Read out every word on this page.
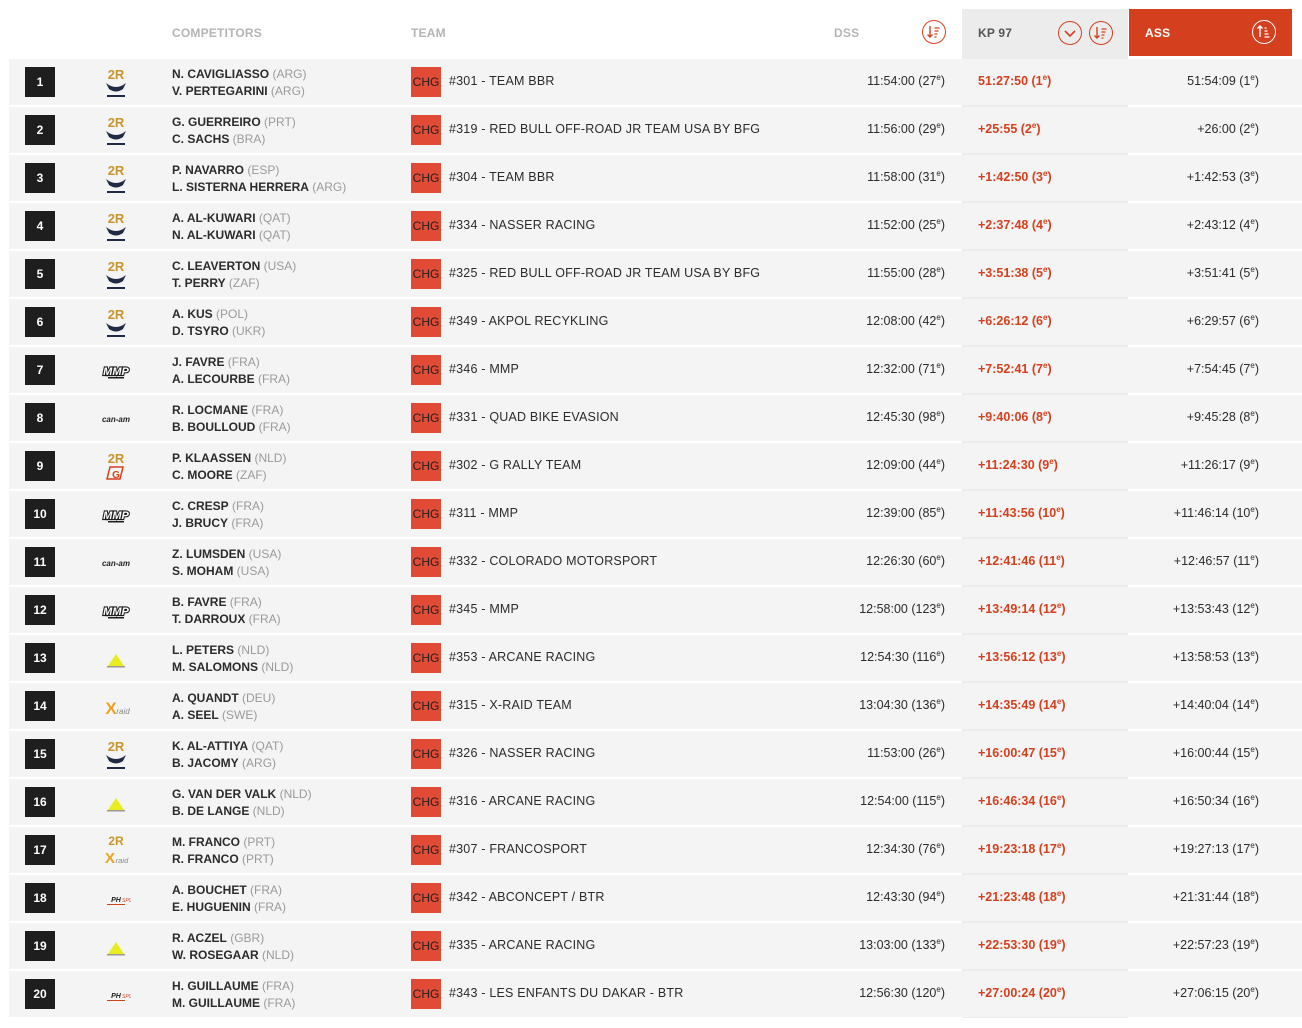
COMPETITORS	TEAM	DSS	KP 97	ASS
1
N. CAVIGLIASSO (ARG)
V. PERTEGARINI (ARG)
CHG #301 - TEAM BBR	11:54:00 (27e)	51:27:50 (1e)	51:54:09 (1e)
2
G. GUERREIRO (PRT)
C. SACHS (BRA)
CHG #319 - RED BULL OFF-ROAD JR TEAM USA BY BFG	11:56:00 $(29^e)$	+25:55 $(2^e)$	+26:00 (2e)
3
P. NAVARRO (ESP)
L. SISTERNA HERRERA (ARG)
CHG #304 - TEAM BBR	11:58:00 $(31^e)$	+1:42:50 $(3^e)$	+1:42:53 (3e)
4
A. AL-KUWARI (QAT)
N. AL-KUWARI (QAT)
CHG #334 - NASSER RACING	11:52:00 $(25^e)$	+2:37:48 $(4^e)$	+2:43:12 (4e)
5
C. LEAVERTON (USA)
T. PERRY (ZAF)
CHG #325 - RED BULL OFF-ROAD JR TEAM USA BY BFG	11:55:00 $(28^e)$	+3:51:38 $(5^e)$	+3:51:41 (5e)
6
A. KUS (POL)
D. TSYRO (UKR)
CHG #349 - AKPOL RECYKLING	12:08:00 $(42^e)$	+6:26:12 $(6^e)$	+6:29:57 (6e)
7
J. FAVRE (FRA)
A. LECOURBE (FRA)
CHG #346 - MMP	12:32:00 $(71^e)$	+7:52:41 $(7^e)$	+7:54:45 (7e)
8
R. LOCMANE (FRA)
B. BOULLOUD (FRA)
CHG #331 - QUAD BIKE EVASION	12:45:30 $(98^e)$	+9:40:06 $(8^e)$	+9:45:28 (8e)
9
P. KLAASSEN (NLD)
C. MOORE (ZAF)
CHG #302 - G RALLY TEAM	12:09:00 $(44^e)$	+11:24:30 $(9^e)$	+11:26:17 (9e)
10
C. CRESP (FRA)
J. BRUCY (FRA)
CHG #311 - MMP	12:39:00 $(85^e)$	+11:43:56 $(10^e)$	+11:46:14 (10e)
11
Z. LUMSDEN (USA)
S. MOHAM (USA)
CHG #332 - COLORADO MOTORSPORT	12:26:30 $(60^e)$	+12:41:46 $(11^e)$	+12:46:57 (11e)
12
B. FAVRE (FRA)
T. DARROUX (FRA)
CHG #345 - MMP	12:58:00 $(123^e)$	+13:49:14 $(12^e)$	+13:53:43 (12e)
13
L. PETERS (NLD)
M. SALOMONS (NLD)
CHG #353 - ARCANE RACING	12:54:30 $(116^e)$	+13:56:12 $(13^e)$	+13:58:53 (13e)
14
A. QUANDT (DEU)
A. SEEL (SWE)
CHG #315 - X-RAID TEAM	13:04:30 $(136^e)$	+14:35:49 $(14^e)$	+14:40:04 (14e)
15
K. AL-ATTIYA (QAT)
B. JACOMY (ARG)
CHG #326 - NASSER RACING	11:53:00 $(26^e)$	+16:00:47 $(15^e)$	+16:00:44 (15e)
16
G. VAN DER VALK (NLD)
B. DE LANGE (NLD)
CHG #316 - ARCANE RACING	12:54:00 $(115^e)$	+16:46:34 $(16^e)$	+16:50:34 (16e)
17
M. FRANCO (PRT)
R. FRANCO (PRT)
CHG #307 - FRANCOSPORT	12:34:30 $(76^e)$	+19:23:18 $(17^e)$	+19:27:13 (17e)
18
A. BOUCHET (FRA)
E. HUGUENIN (FRA)
CHG #342 - ABCONCEPT / BTR	12:43:30 $(94^e)$	+21:23:48 $(18^e)$	+21:31:44 (18e)
19
R. ACZEL (GBR)
W. ROSEGAAR (NLD)
CHG #335 - ARCANE RACING	13:03:00 $(133^e)$	+22:53:30 $(19^e)$	+22:57:23 (19e)
20
H. GUILLAUME (FRA)
M. GUILLAUME (FRA)
CHG #343 - LES ENFANTS DU DAKAR - BTR	12:56:30 $(120^e)$	+27:00:24 $(20^e)$	+27:06:15 (20e)
